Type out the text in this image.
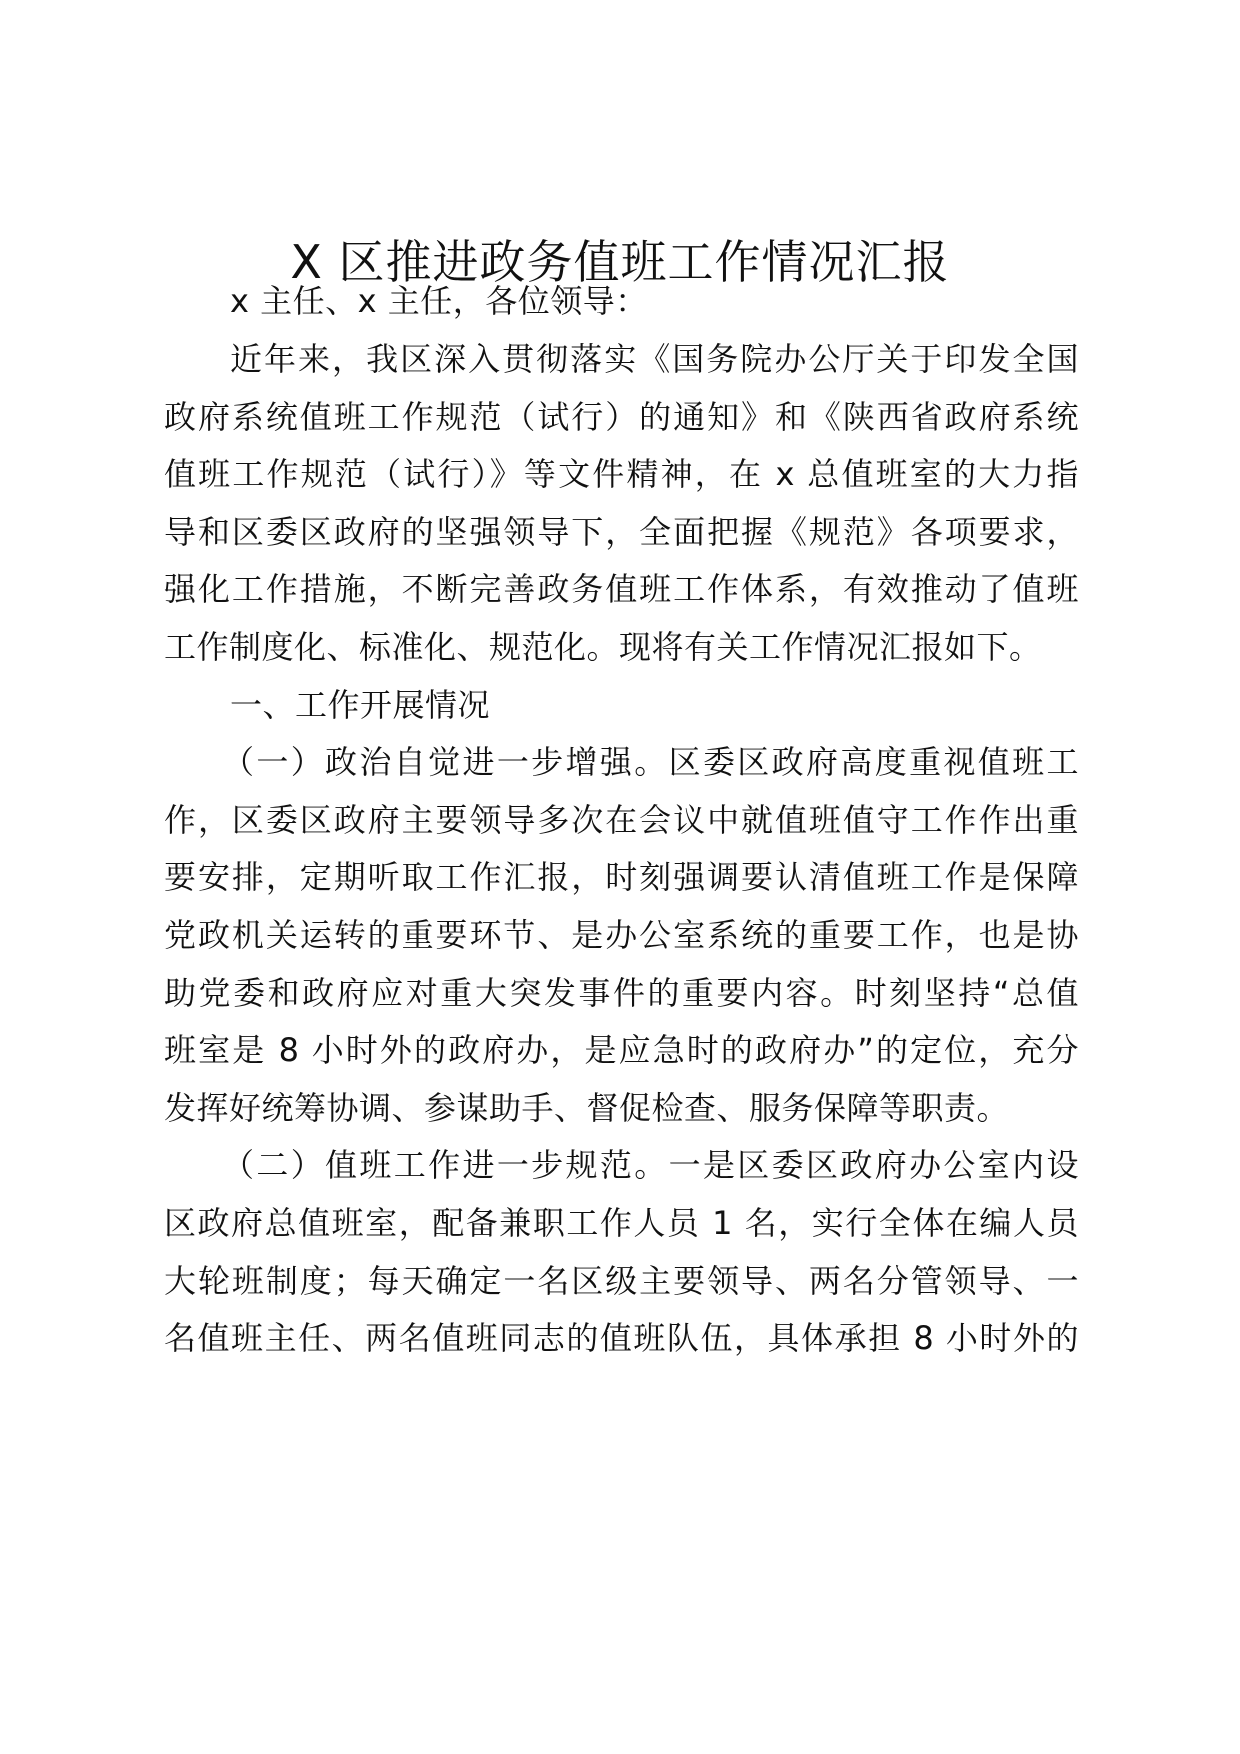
X 区推进政务值班工作情况汇报
x 主任、x 主任，各位领导：
近年来，我区深入贯彻落实《国务院办公厅关于印发全国
政府系统值班工作规范（试行）的通知》和《陕西省政府系统
值班工作规范（试行）》等文件精神，在 x 总值班室的大力指
导和区委区政府的坚强领导下，全面把握《规范》各项要求，
强化工作措施，不断完善政务值班工作体系，有效推动了值班
工作制度化、标准化、规范化。现将有关工作情况汇报如下。
一、工作开展情况
（一）政治自觉进一步增强。区委区政府高度重视值班工
作，区委区政府主要领导多次在会议中就值班值守工作作出重
要安排，定期听取工作汇报，时刻强调要认清值班工作是保障
党政机关运转的重要环节、是办公室系统的重要工作，也是协
助党委和政府应对重大突发事件的重要内容。时刻坚持“总值
班室是 8 小时外的政府办，是应急时的政府办”的定位，充分
发挥好统筹协调、参谋助手、督促检查、服务保障等职责。
（二）值班工作进一步规范。一是区委区政府办公室内设
区政府总值班室，配备兼职工作人员 1 名，实行全体在编人员
大轮班制度；每天确定一名区级主要领导、两名分管领导、一
名值班主任、两名值班同志的值班队伍，具体承担 8 小时外的
